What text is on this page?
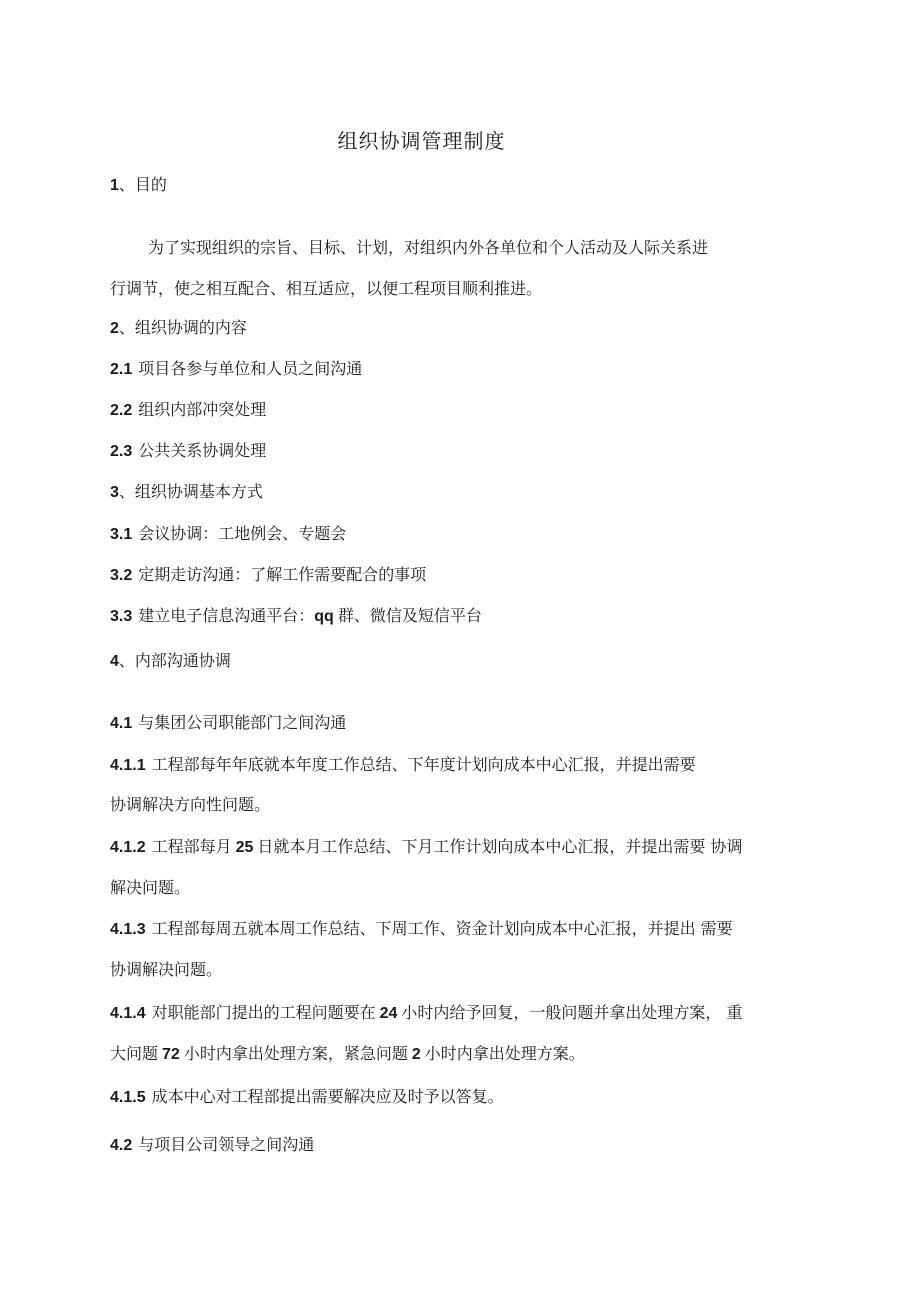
组织协调管理制度
1、目的
为了实现组织的宗旨、目标、计划，对组织内外各单位和个人活动及人际关系进
行调节，使之相互配合、相互适应，以便工程项目顺利推进。
2、组织协调的内容
2.1 项目各参与单位和人员之间沟通
2.2 组织内部冲突处理
2.3 公共关系协调处理
3、组织协调基本方式
3.1 会议协调：工地例会、专题会
3.2 定期走访沟通：了解工作需要配合的事项
3.3 建立电子信息沟通平台：qq 群、微信及短信平台
4、内部沟通协调
4.1 与集团公司职能部门之间沟通
4.1.1 工程部每年年底就本年度工作总结、下年度计划向成本中心汇报，并提出需要
协调解决方向性问题。
4.1.2 工程部每月 25 日就本月工作总结、下月工作计划向成本中心汇报，并提出需要 协调
解决问题。
4.1.3 工程部每周五就本周工作总结、下周工作、资金计划向成本中心汇报，并提出 需要
协调解决问题。
4.1.4 对职能部门提出的工程问题要在 24 小时内给予回复，一般问题并拿出处理方案， 重
大问题 72 小时内拿出处理方案，紧急问题 2 小时内拿出处理方案。
4.1.5 成本中心对工程部提出需要解决应及时予以答复。
4.2 与项目公司领导之间沟通
